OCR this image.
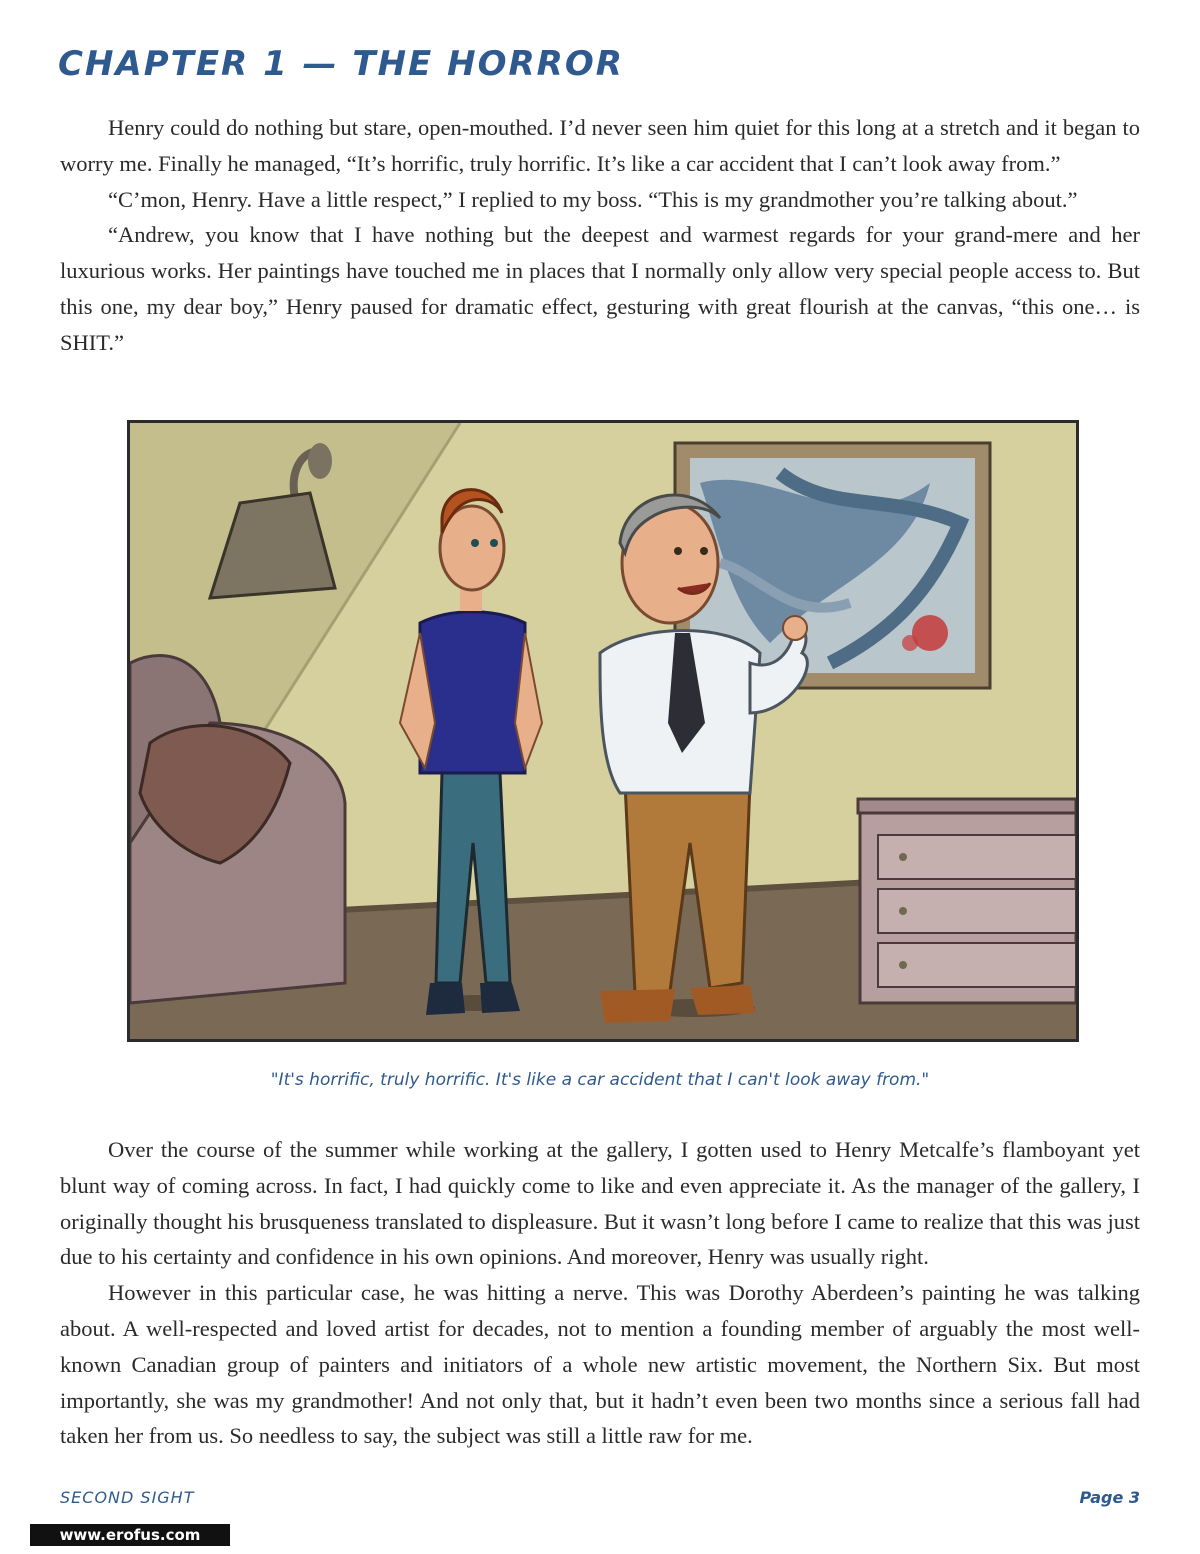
CHAPTER 1 — THE HORROR

Henry could do nothing but stare, open-mouthed. I’d never seen him quiet for this long at a stretch and it began to worry me. Finally he managed, “It’s horrific, truly horrific. It’s like a car accident that I can’t look away from.”

“C’mon, Henry. Have a little respect,” I replied to my boss. “This is my grandmother you’re talking about.”

“Andrew, you know that I have nothing but the deepest and warmest regards for your grand-mere and her luxurious works. Her paintings have touched me in places that I normally only allow very special people access to. But this one, my dear boy,” Henry paused for dramatic effect, gesturing with great flourish at the canvas, “this one… is SHIT.”

"It's horrific, truly horrific. It's like a car accident that I can't look away from."

Over the course of the summer while working at the gallery, I gotten used to Henry Metcalfe’s flamboyant yet blunt way of coming across. In fact, I had quickly come to like and even appreciate it. As the manager of the gallery, I originally thought his brusqueness translated to displeasure. But it wasn’t long before I came to realize that this was just due to his certainty and confidence in his own opinions. And moreover, Henry was usually right.

However in this particular case, he was hitting a nerve. This was Dorothy Aberdeen’s painting he was talking about. A well-respected and loved artist for decades, not to mention a founding member of arguably the most well-known Canadian group of painters and initiators of a whole new artistic movement, the Northern Six. But most importantly, she was my grandmother! And not only that, but it hadn’t even been two months since a serious fall had taken her from us. So needless to say, the subject was still a little raw for me.

SECOND SIGHT	Page 3
www.erofus.com
